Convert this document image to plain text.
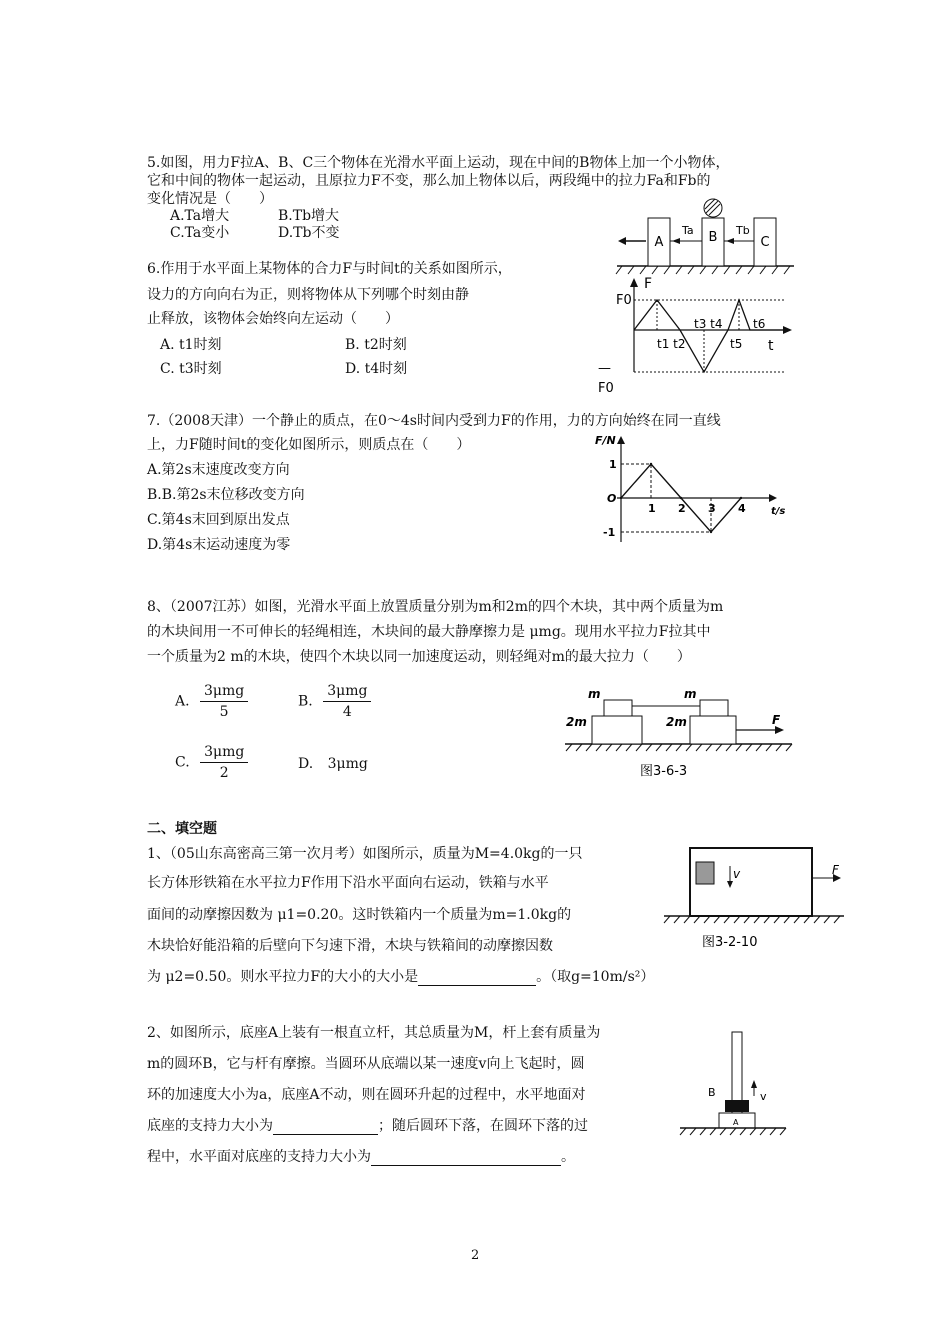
5.如图，用力F拉A、B、C三个物体在光滑水平面上运动，现在中间的B物体上加一个小物体，
它和中间的物体一起运动，且原拉力F不变，那么加上物体以后，两段绳中的拉力Fa和Fb的
变化情况是（　　）
A.Ta增大	B.Tb增大
C.Ta变小	D.Tb不变
A	B	C
Ta	Tb
6.作用于水平面上某物体的合力F与时间t的关系如图所示，
设力的方向向右为正，则将物体从下列哪个时刻由静
止释放，该物体会始终向左运动（　　）
A. t1时刻	B. t2时刻
C. t3时刻	D. t4时刻
F
F0
—
F0
t1 t2
t3 t4
t5
t6
t
7.（2008天津）一个静止的质点，在0～4s时间内受到力F的作用，力的方向始终在同一直线
上，力F随时间t的变化如图所示，则质点在（　　）
A.第2s末速度改变方向
B.B.第2s末位移改变方向
C.第4s末回到原出发点
D.第4s末运动速度为零
F/N
t/s
O
1 2 3 4
1
-1
8、（2007江苏）如图，光滑水平面上放置质量分别为m和2m的四个木块，其中两个质量为m
的木块间用一不可伸长的轻绳相连，木块间的最大静摩擦力是 μmg。现用水平拉力F拉其中
一个质量为2 m的木块，使四个木块以同一加速度运动，则轻绳对m的最大拉力（　　）
A. $\frac{\text{3μmg}}{5}$	B. $\frac{\text{3μmg}}{4}$
C. $\frac{\text{3μmg}}{2}$	D. 3μmg
m	m
2m	2m	F
图3-6-3
二、填空题
1、（05山东高密高三第一次月考）如图所示，质量为M=4.0kg的一只
长方体形铁箱在水平拉力F作用下沿水平面向右运动，铁箱与水平
面间的动摩擦因数为 μ1=0.20。这时铁箱内一个质量为m=1.0kg的
木块恰好能沿箱的后壁向下匀速下滑，木块与铁箱间的动摩擦因数
为 μ2=0.50。则水平拉力F的大小的大小是	。（取g=10m/s²）
v	F
图3-2-10
2、如图所示，底座A上装有一根直立杆，其总质量为M，杆上套有质量为
m的圆环B，它与杆有摩擦。当圆环从底端以某一速度v向上飞起时，圆
环的加速度大小为a，底座A不动，则在圆环升起的过程中，水平地面对
底座的支持力大小为	；随后圆环下落，在圆环下落的过
程中，水平面对底座的支持力大小为	。
B
A
v
2
